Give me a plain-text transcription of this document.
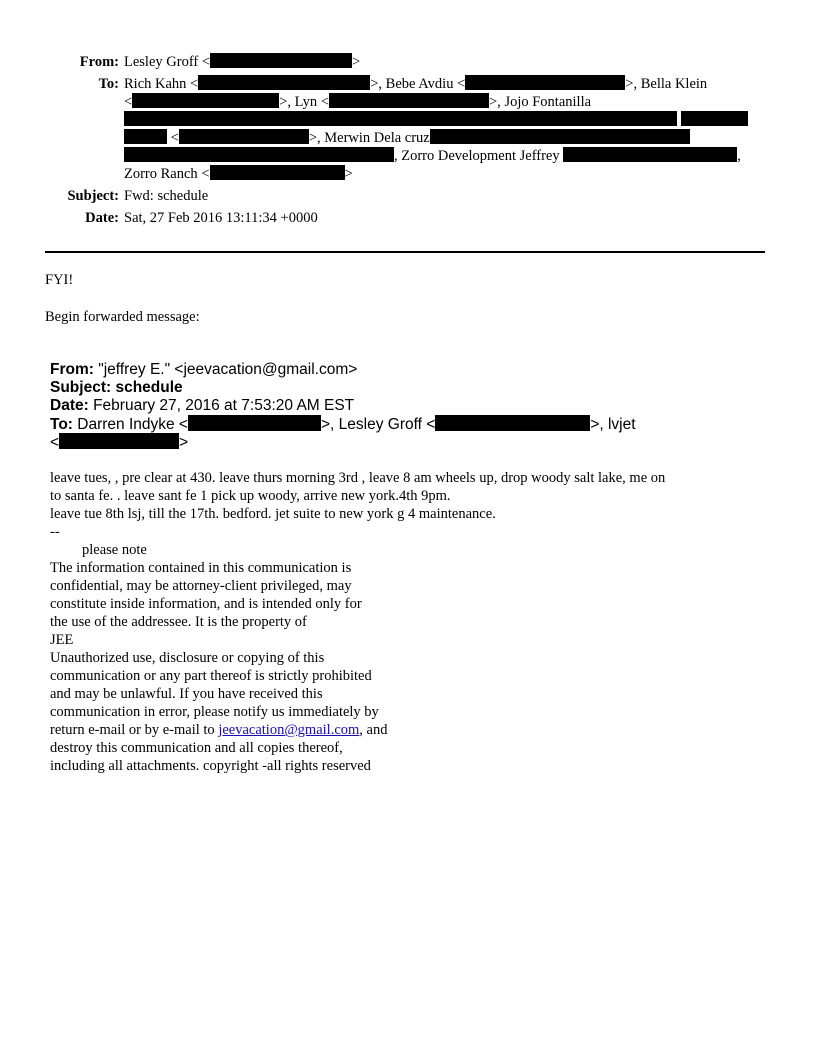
From: Lesley Groff <	>
To: Rich Kahn <	>, Bebe Avdiu <	>, Bella Klein
<	>, Lyn <	>, Jojo Fontanilla

<	>, Merwin Dela cruz
, Zorro Development Jeffrey	,
Zorro Ranch <	>
Subject: Fwd: schedule
Date: Sat, 27 Feb 2016 13:11:34 +0000
FYI!
Begin forwarded message:
From: "jeffrey E." <jeevacation@gmail.com>
Subject: schedule
Date: February 27, 2016 at 7:53:20 AM EST
To: Darren Indyke <	>, Lesley Groff <	>, lvjet
<	>
leave tues, , pre clear at 430. leave thurs morning 3rd , leave 8 am wheels up, drop woody salt lake, me on
to santa fe. . leave sant fe 1 pick up woody, arrive new york.4th 9pm.
leave tue 8th lsj, till the 17th. bedford. jet suite to new york g 4 maintenance.
--
please note
The information contained in this communication is
confidential, may be attorney-client privileged, may
constitute inside information, and is intended only for
the use of the addressee. It is the property of
JEE
Unauthorized use, disclosure or copying of this
communication or any part thereof is strictly prohibited
and may be unlawful. If you have received this
communication in error, please notify us immediately by
return e-mail or by e-mail to jeevacation@gmail.com, and
destroy this communication and all copies thereof,
including all attachments. copyright -all rights reserved
